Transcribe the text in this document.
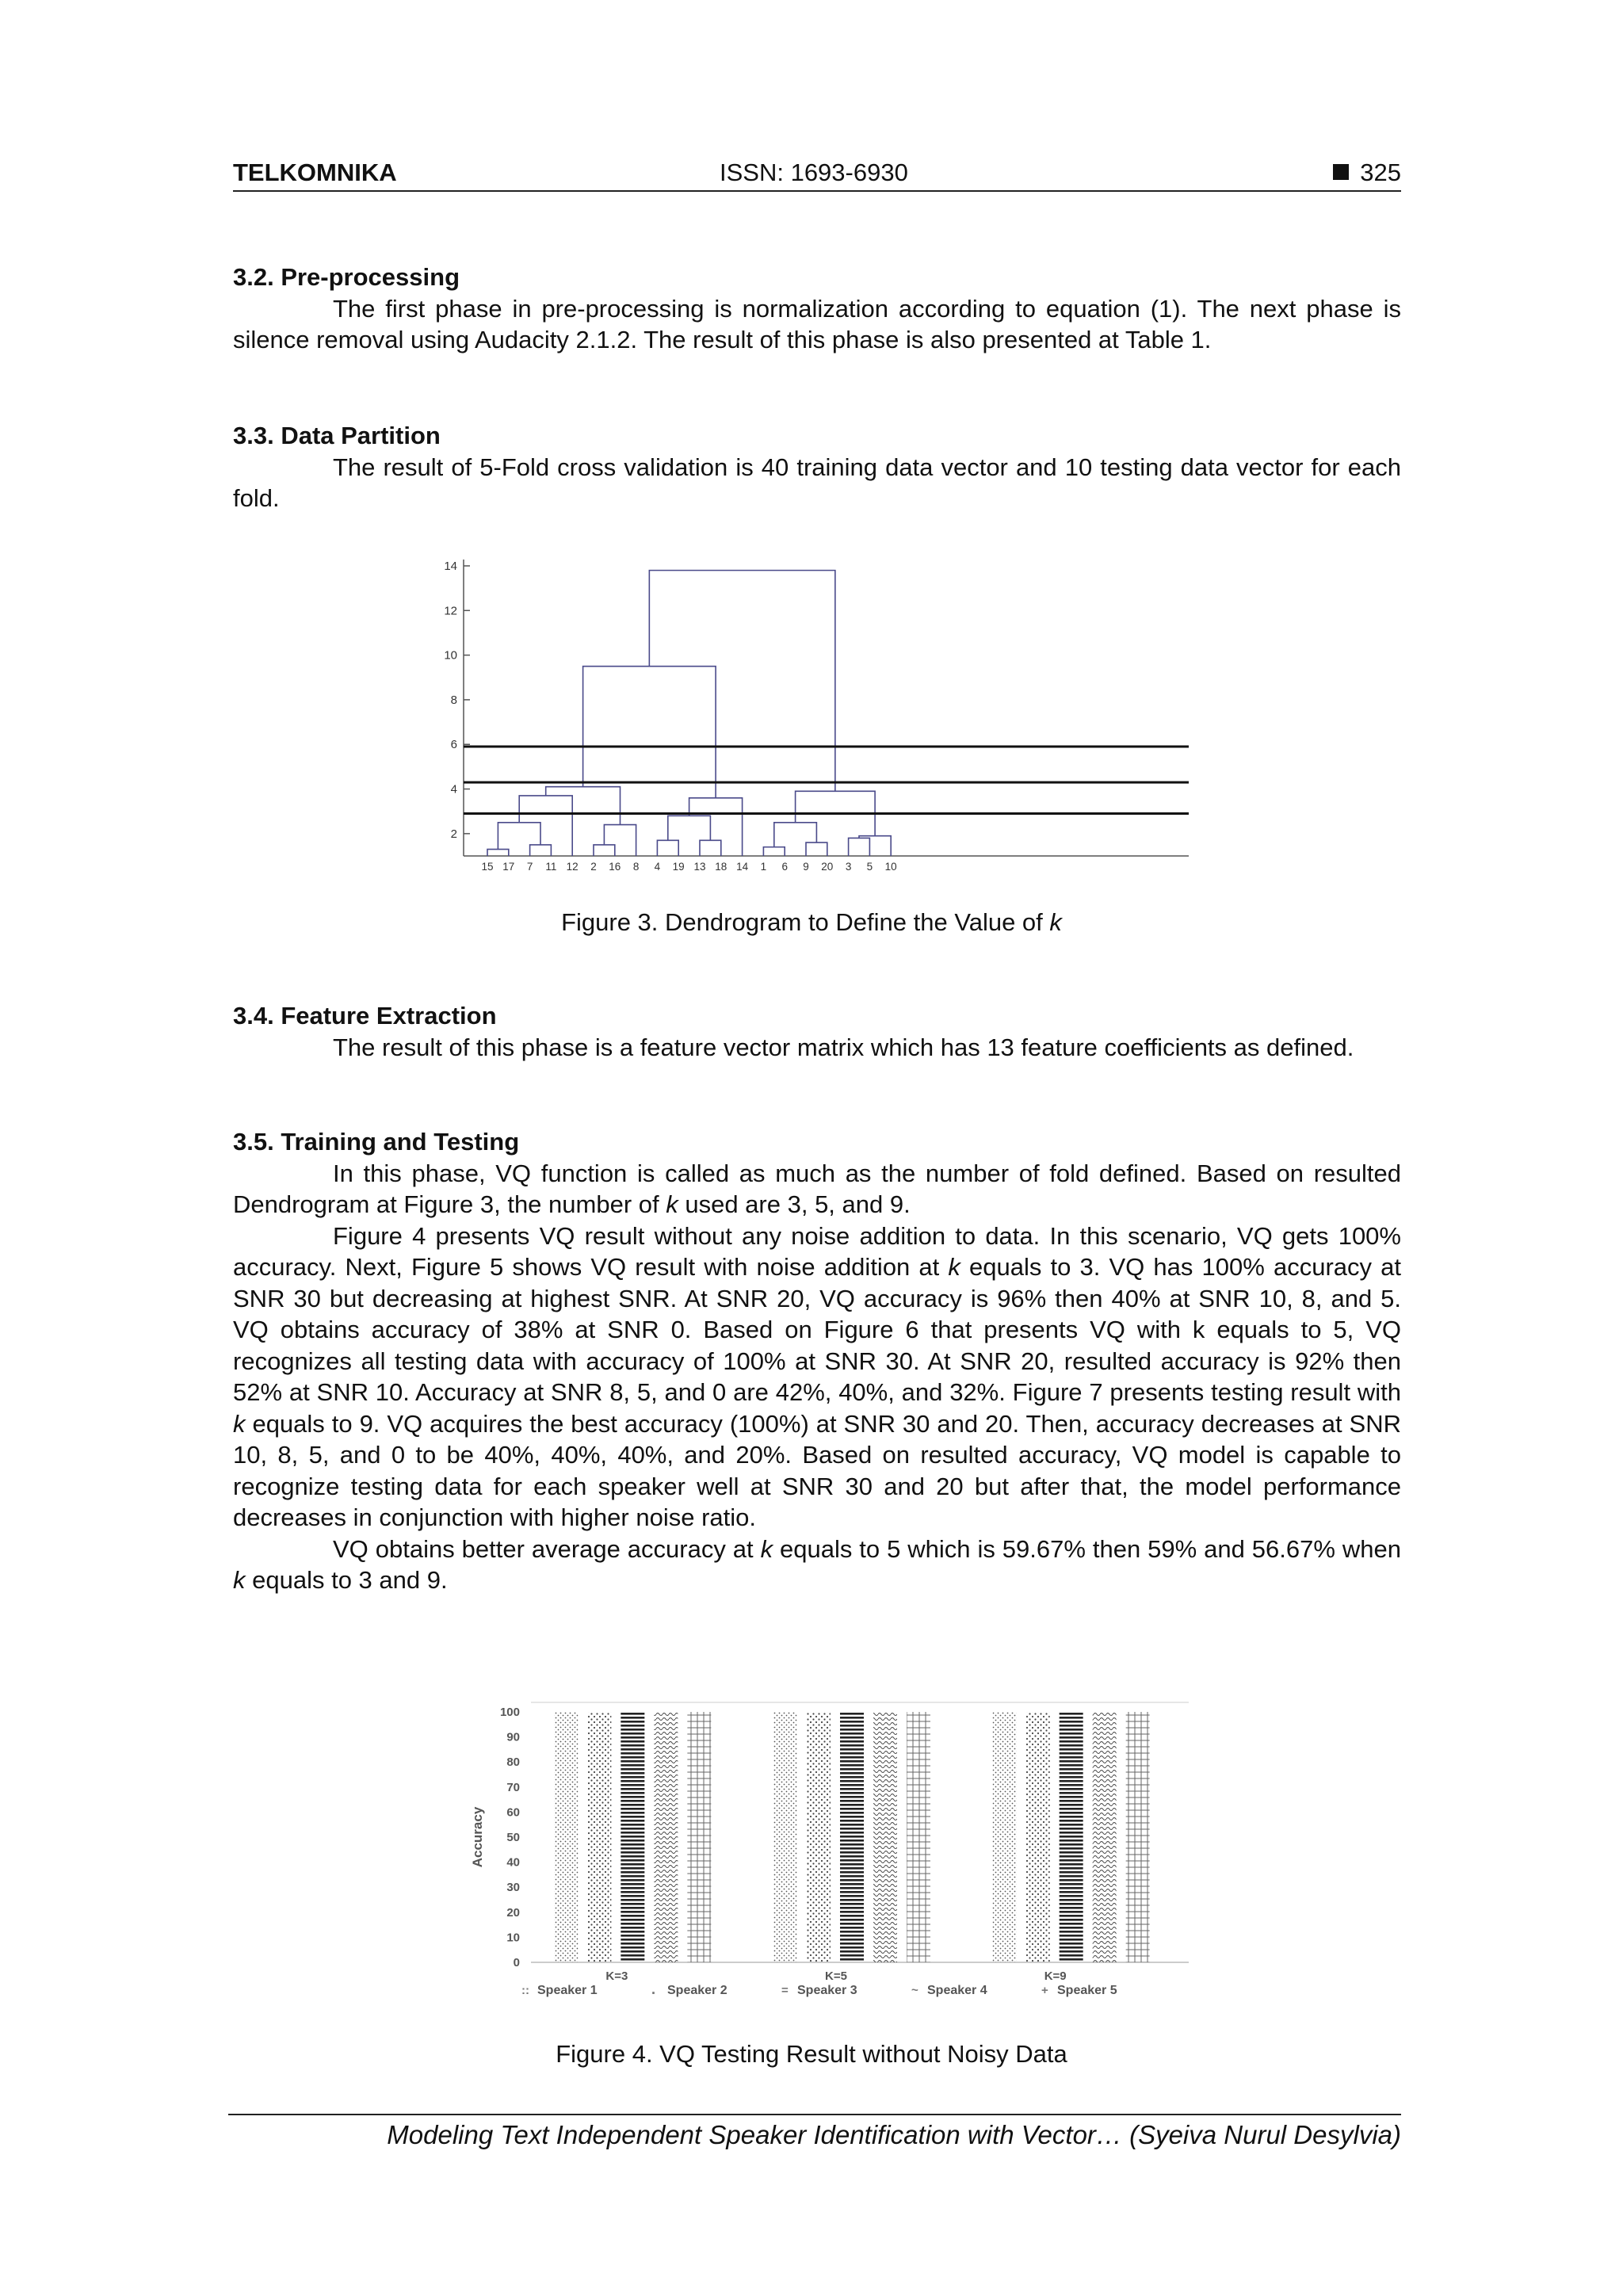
TELKOMNIKA	ISSN: 1693-6930	325
3.2. Pre-processing

The first phase in pre-processing is normalization according to equation (1). The next phase is silence removal using Audacity 2.1.2. The result of this phase is also presented at Table 1.

3.3. Data Partition

The result of 5-Fold cross validation is 40 training data vector and 10 testing data vector for each fold.

2
4
6
8
10
12
14
15 17 7 11 12 2 16 8 4 19 13 18 14 1 6 9 20 3 5 10
Figure 3. Dendrogram to Define the Value of k
3.4. Feature Extraction

The result of this phase is a feature vector matrix which has 13 feature coefficients as defined.

3.5. Training and Testing

In this phase, VQ function is called as much as the number of fold defined. Based on resulted Dendrogram at Figure 3, the number of k used are 3, 5, and 9.

Figure 4 presents VQ result without any noise addition to data. In this scenario, VQ gets 100% accuracy. Next, Figure 5 shows VQ result with noise addition at k equals to 3. VQ has 100% accuracy at SNR 30 but decreasing at highest SNR. At SNR 20, VQ accuracy is 96% then 40% at SNR 10, 8, and 5. VQ obtains accuracy of 38% at SNR 0. Based on Figure 6 that presents VQ with k equals to 5, VQ recognizes all testing data with accuracy of 100% at SNR 30. At SNR 20, resulted accuracy is 92% then 52% at SNR 10. Accuracy at SNR 8, 5, and 0 are 42%, 40%, and 32%. Figure 7 presents testing result with k equals to 9. VQ acquires the best accuracy (100%) at SNR 30 and 20. Then, accuracy decreases at SNR 10, 8, 5, and 0 to be 40%, 40%, 40%, and 20%. Based on resulted accuracy, VQ model is capable to recognize testing data for each speaker well at SNR 30 and 20 but after that, the model performance decreases in conjunction with higher noise ratio.

VQ obtains better average accuracy at k equals to 5 which is 59.67% then 59% and 56.67% when k equals to 3 and 9.

0
10
20
30
40
50
60
70
80
90
100
Accuracy
K=3	K=5	K=9
:: Speaker 1	․ Speaker 2	= Speaker 3	~ Speaker 4	+ Speaker 5
Figure 4. VQ Testing Result without Noisy Data
Modeling Text Independent Speaker Identification with Vector… (Syeiva Nurul Desylvia)
